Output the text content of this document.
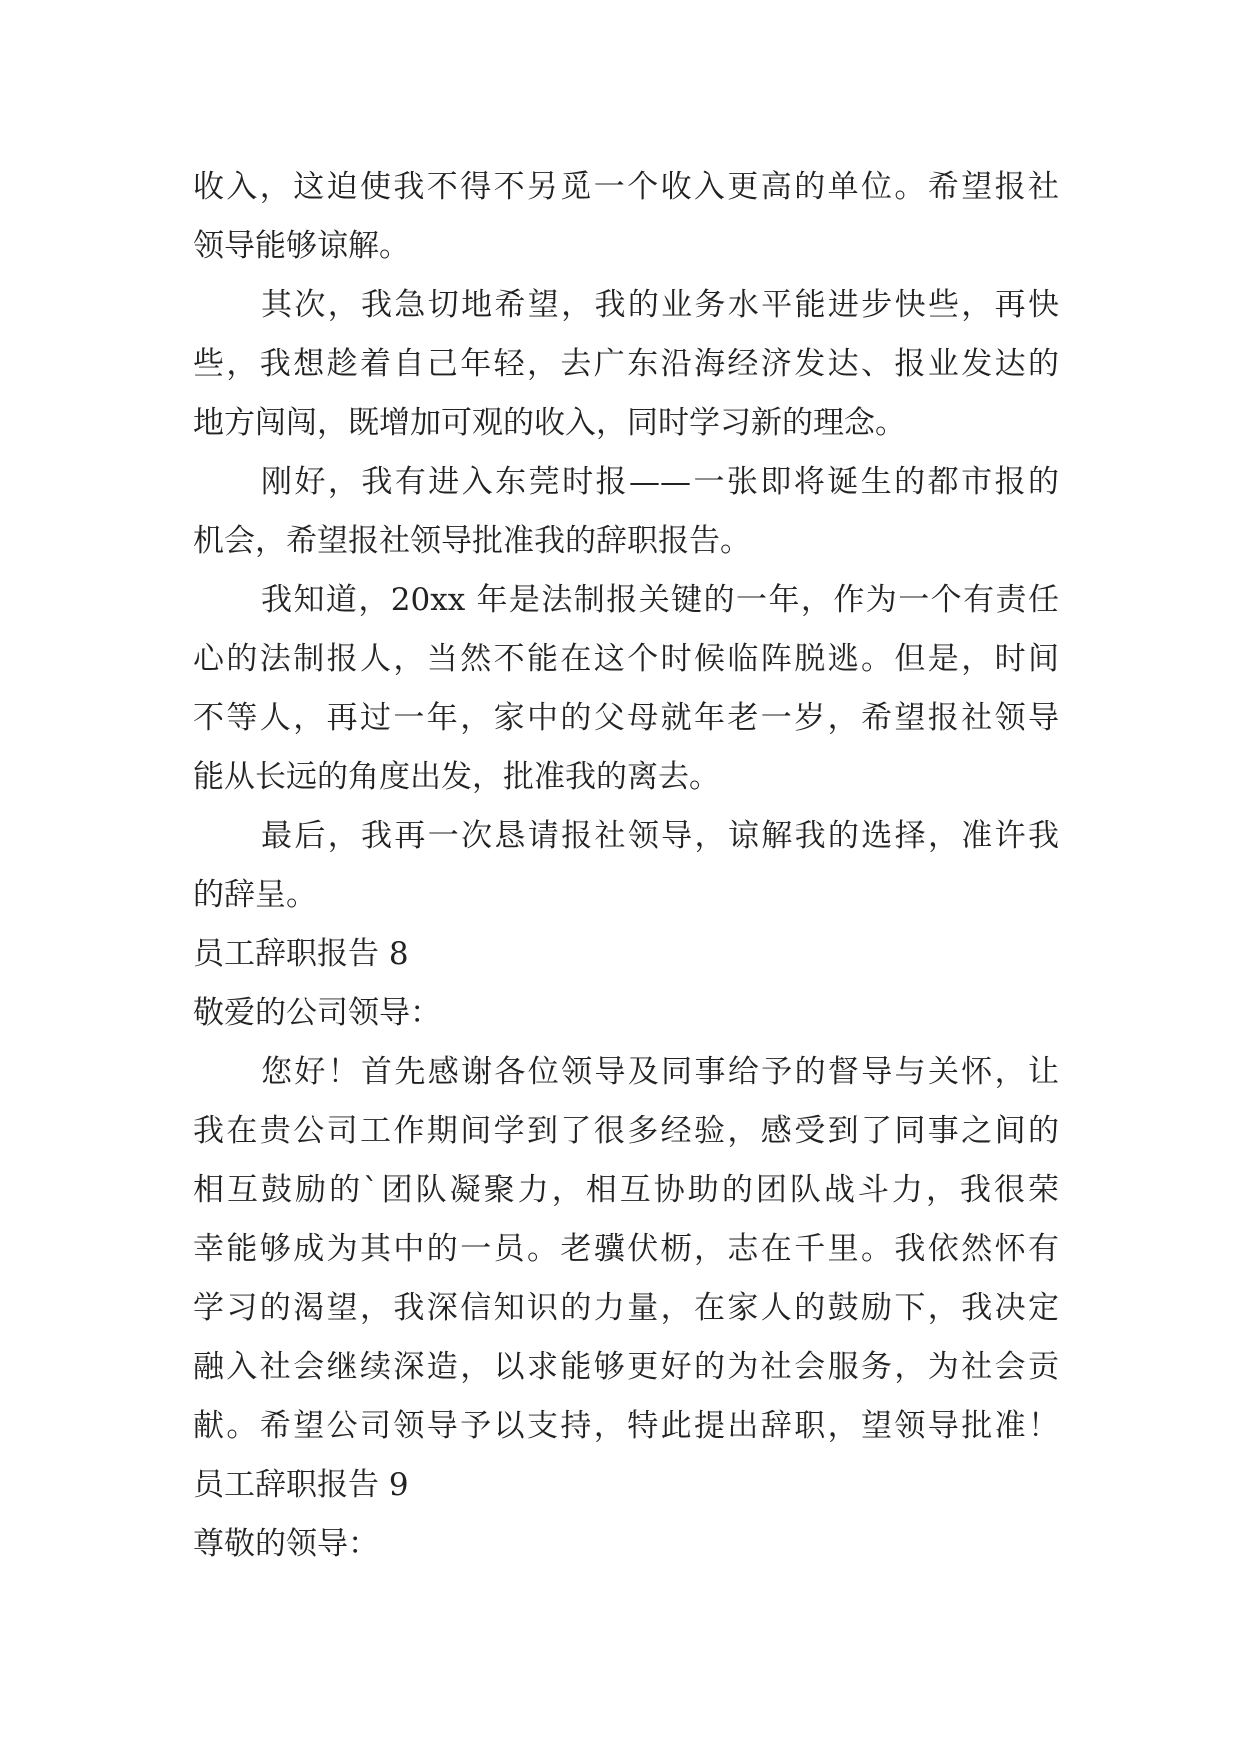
收入，这迫使我不得不另觅一个收入更高的单位。希望报社
领导能够谅解。
其次，我急切地希望，我的业务水平能进步快些，再快
些，我想趁着自己年轻，去广东沿海经济发达、报业发达的
地方闯闯，既增加可观的收入，同时学习新的理念。
刚好，我有进入东莞时报——一张即将诞生的都市报的
机会，希望报社领导批准我的辞职报告。
我知道，20xx 年是法制报关键的一年，作为一个有责任
心的法制报人，当然不能在这个时候临阵脱逃。但是，时间
不等人，再过一年，家中的父母就年老一岁，希望报社领导
能从长远的角度出发，批准我的离去。
最后，我再一次恳请报社领导，谅解我的选择，准许我
的辞呈。
员工辞职报告 8
敬爱的公司领导：
您好！首先感谢各位领导及同事给予的督导与关怀，让
我在贵公司工作期间学到了很多经验，感受到了同事之间的
相互鼓励的`团队凝聚力，相互协助的团队战斗力，我很荣
幸能够成为其中的一员。老骥伏枥，志在千里。我依然怀有
学习的渴望，我深信知识的力量，在家人的鼓励下，我决定
融入社会继续深造，以求能够更好的为社会服务，为社会贡
献。希望公司领导予以支持，特此提出辞职，望领导批准！
员工辞职报告 9
尊敬的领导：
